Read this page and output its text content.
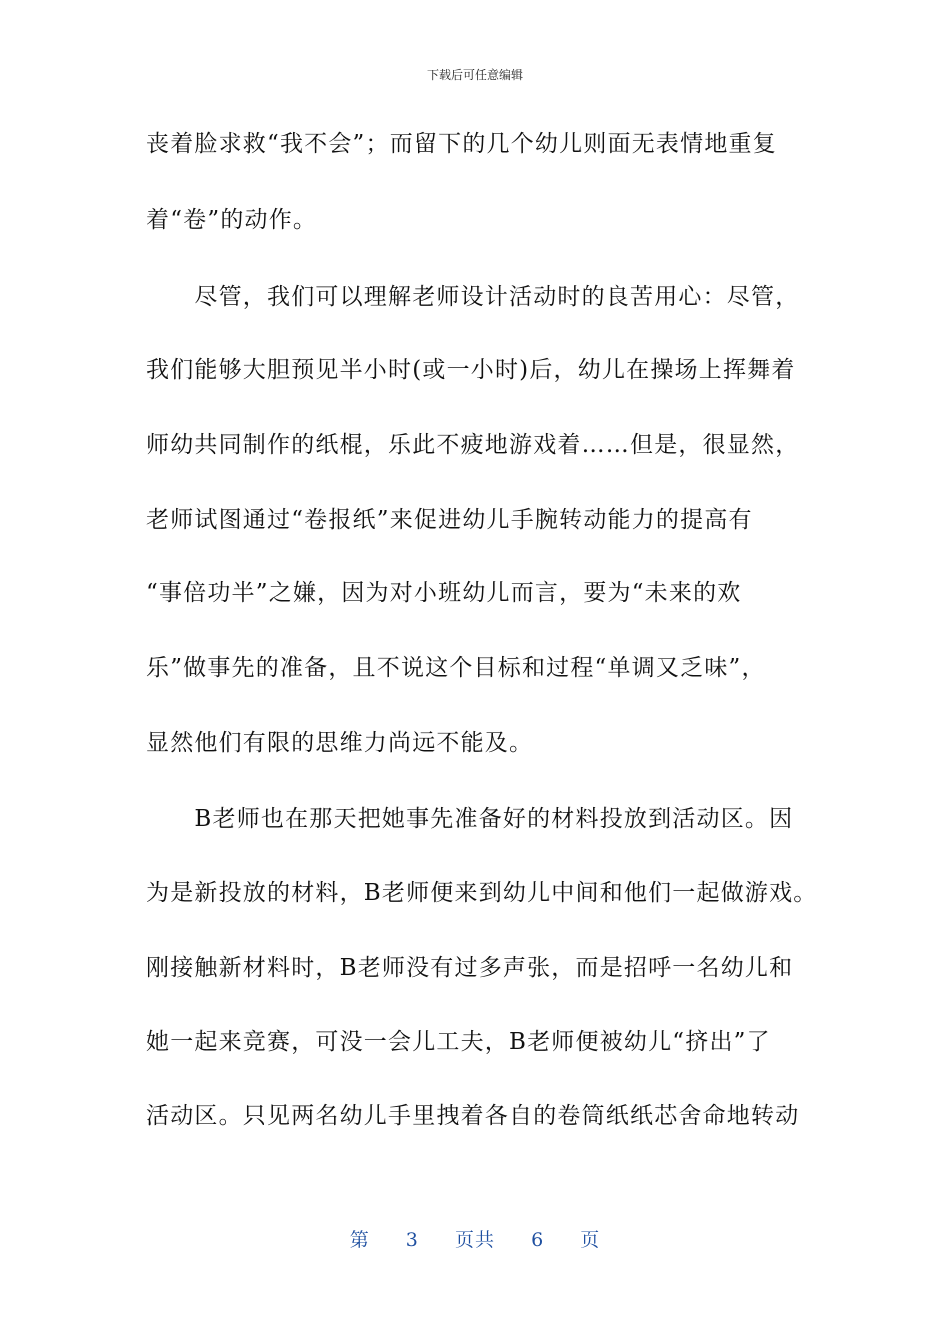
下载后可任意编辑
丧着脸求救“我不会”；而留下的几个幼儿则面无表情地重复
着“卷”的动作。
　　尽管，我们可以理解老师设计活动时的良苦用心：尽管，
我们能够大胆预见半小时(或一小时)后，幼儿在操场上挥舞着
师幼共同制作的纸棍，乐此不疲地游戏着……但是，很显然，
老师试图通过“卷报纸”来促进幼儿手腕转动能力的提高有
“事倍功半”之嫌，因为对小班幼儿而言，要为“未来的欢
乐”做事先的准备，且不说这个目标和过程“单调又乏味”，
显然他们有限的思维力尚远不能及。
　　B老师也在那天把她事先准备好的材料投放到活动区。因
为是新投放的材料，B老师便来到幼儿中间和他们一起做游戏。
刚接触新材料时，B老师没有过多声张，而是招呼一名幼儿和
她一起来竞赛，可没一会儿工夫，B老师便被幼儿“挤出”了
活动区。只见两名幼儿手里拽着各自的卷筒纸纸芯舍命地转动
第 3 页共 6 页
